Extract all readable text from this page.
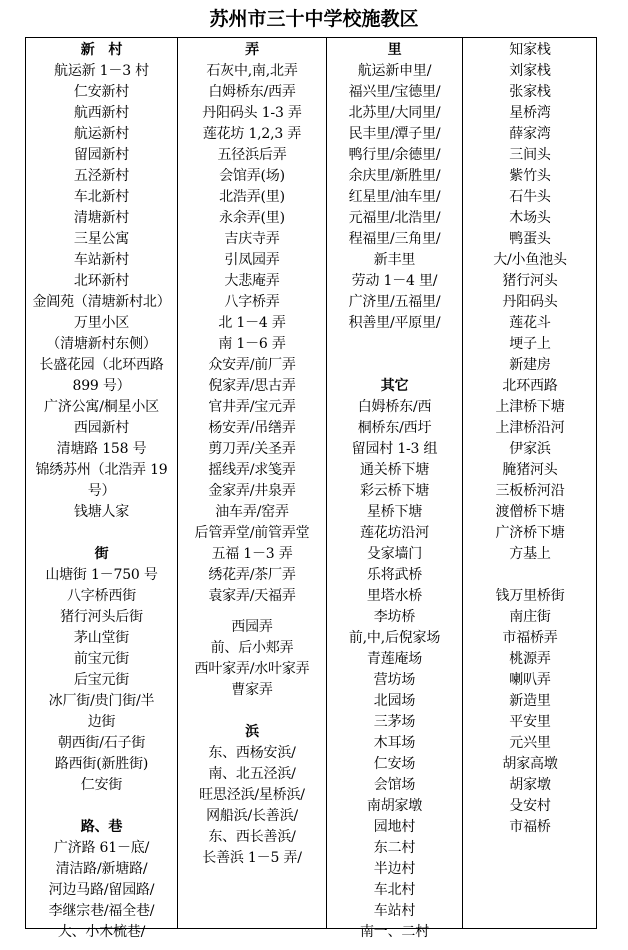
苏州市三十中学校施教区
新　村
航运新 1－3 村
仁安新村
航西新村
航运新村
留园新村
五泾新村
车北新村
清塘新村
三星公寓
车站新村
北环新村
金阊苑（清塘新村北）
万里小区
（清塘新村东侧）
长盛花园（北环西路
899 号）
广济公寓/桐星小区
西园新村
清塘路 158 号
锦绣苏州（北浩弄 19
号）
钱塘人家
街
山塘街 1－750 号
八字桥西街
猪行河头后街
茅山堂街
前宝元街
后宝元街
冰厂街/贵门街/半
边街
朝西街/石子街
路西街(新胜街)
仁安街
路、巷
广济路 61－底/
清洁路/新塘路/
河边马路/留园路/
李继宗巷/福全巷/
大、小木梳巷/
弄
石灰中,南,北弄
白姆桥东/西弄
丹阳码头 1-3 弄
莲花坊 1,2,3 弄
五径浜后弄
会馆弄(场)
北浩弄(里)
永余弄(里)
吉庆寺弄
引凤园弄
大悲庵弄
八字桥弄
北 1－4 弄
南 1－6 弄
众安弄/前厂弄
倪家弄/思古弄
官井弄/宝元弄
杨安弄/吊缮弄
剪刀弄/关圣弄
摇线弄/求笺弄
金家弄/井泉弄
油车弄/窑弄
后管弄堂/前管弄堂
五福 1－3 弄
绣花弄/茶厂弄
袁家弄/天福弄
西园弄
前、后小郏弄
西叶家弄/水叶家弄
曹家弄
浜
东、西杨安浜/
南、北五泾浜/
旺思泾浜/星桥浜/
网船浜/长善浜/
东、西长善浜/
长善浜 1－5 弄/
里
航运新申里/
福兴里/宝德里/
北苏里/大同里/
民丰里/潭子里/
鸭行里/余德里/
余庆里/新胜里/
红星里/油车里/
元福里/北浩里/
程福里/三角里/
新丰里
劳动 1－4 里/
广济里/五福里/
积善里/平原里/
其它
白姆桥东/西
桐桥东/西圩
留园村 1-3 组
通关桥下塘
彩云桥下塘
星桥下塘
莲花坊沿河
殳家墙门
乐将武桥
里塔水桥
李坊桥
前,中,后倪家场
青莲庵场
营坊场
北园场
三茅场
木耳场
仁安场
会馆场
南胡家墩
园地村
东二村
半边村
车北村
车站村
南一、二村
知家栈
刘家栈
张家栈
星桥湾
薛家湾
三间头
紫竹头
石牛头
木场头
鸭蛋头
大/小鱼池头
猪行河头
丹阳码头
莲花斗
埂子上
新建房
北环西路
上津桥下塘
上津桥沿河
伊家浜
腌猪河头
三板桥河沿
渡僧桥下塘
广济桥下塘
方基上
钱万里桥街
南庄街
市福桥弄
桃源弄
喇叭弄
新造里
平安里
元兴里
胡家高墩
胡家墩
殳安村
市福桥
